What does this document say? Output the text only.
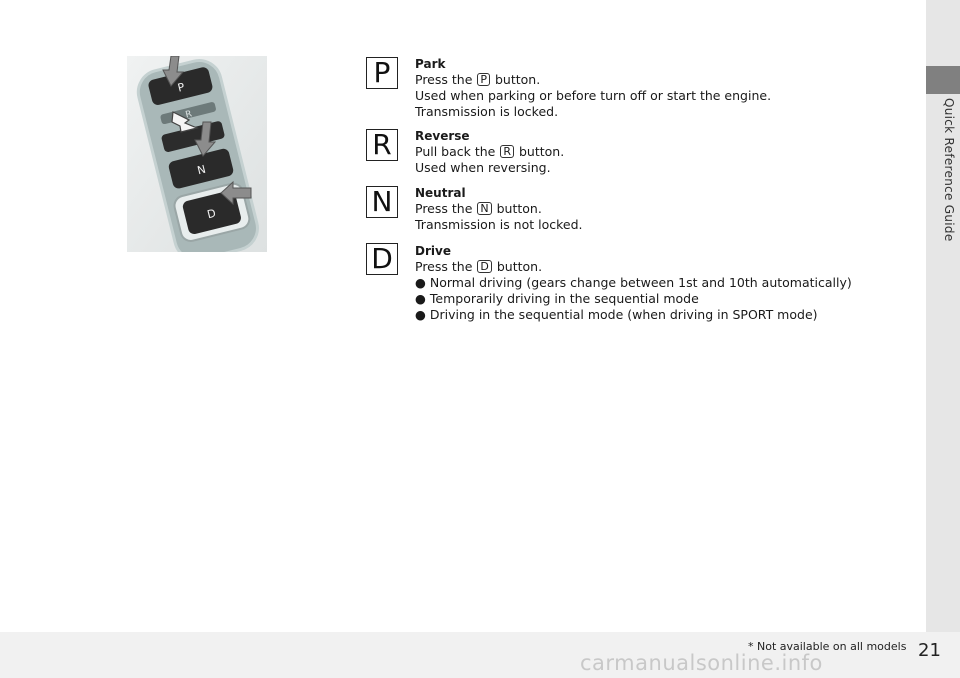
Quick Reference Guide
P
R
N
D
P	Park
Press the P button.
Used when parking or before turn off or start the engine.
Transmission is locked.
R	Reverse
Pull back the R button.
Used when reversing.
N	Neutral
Press the N button.
Transmission is not locked.
D	Drive
Press the D button.
● Normal driving (gears change between 1st and 10th automatically)
● Temporarily driving in the sequential mode
● Driving in the sequential mode (when driving in SPORT mode)
* Not available on all models 21
carmanualsonline.info
